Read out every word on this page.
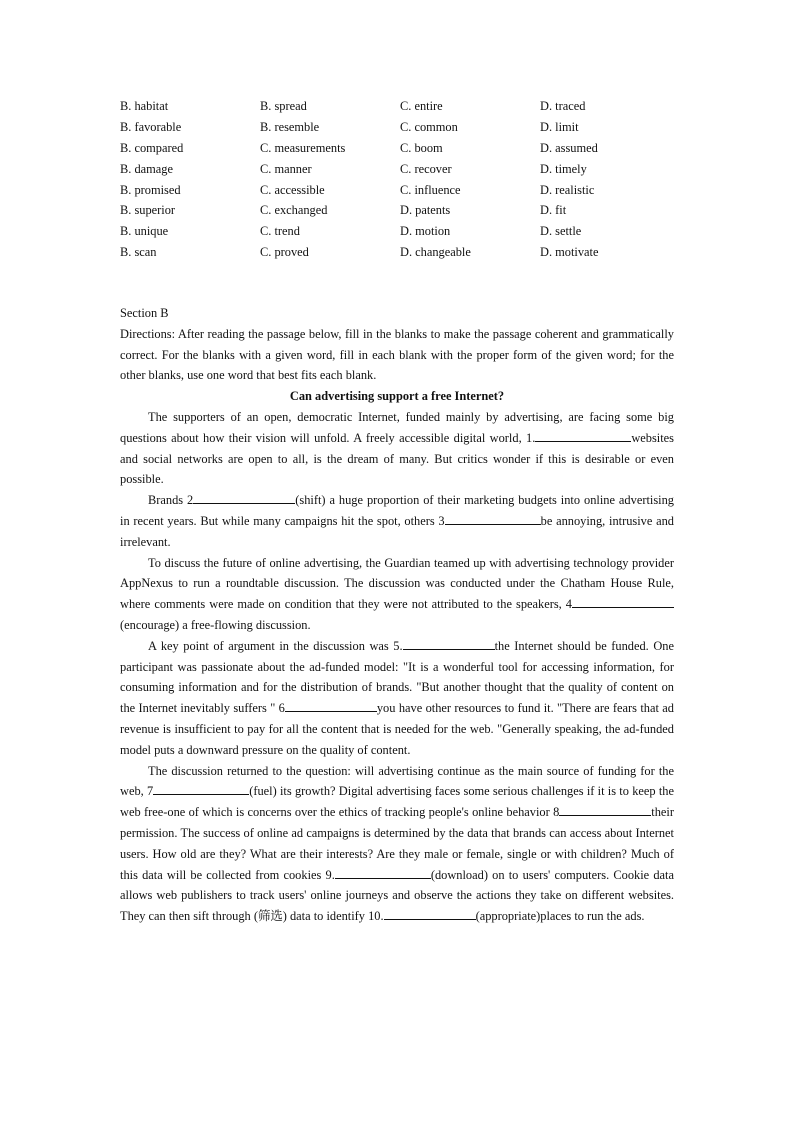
B. habitat	B. spread	C. entire	D. traced
B. favorable	B. resemble	C. common	D. limit
B. compared	C. measurements	C. boom	D. assumed
B. damage	C. manner	C. recover	D. timely
B. promised	C. accessible	C. influence	D. realistic
B. superior	C. exchanged	D. patents	D. fit
B. unique	C. trend	D. motion	D. settle
B. scan	C. proved	D. changeable	D. motivate

Section B

Directions: After reading the passage below, fill in the blanks to make the passage coherent and grammatically correct. For the blanks with a given word, fill in each blank with the proper form of the given word; for the other blanks, use one word that best fits each blank.

Can advertising support a free Internet?

The supporters of an open, democratic Internet, funded mainly by advertising, are facing some big questions about how their vision will unfold. A freely accessible digital world, 1.	websites and social networks are open to all, is the dream of many. But critics wonder if this is desirable or even possible.

Brands 2	(shift) a huge proportion of their marketing budgets into online advertising in recent years. But while many campaigns hit the spot, others 3	be annoying, intrusive and irrelevant.

To discuss the future of online advertising, the Guardian teamed up with advertising technology provider AppNexus to run a roundtable discussion. The discussion was conducted under the Chatham House Rule, where comments were made on condition that they were not attributed to the speakers, 4(encourage) a free-flowing discussion.

A key point of argument in the discussion was 5.	the Internet should be funded. One participant was passionate about the ad-funded model: "It is a wonderful tool for accessing information, for consuming information and for the distribution of brands. "But another thought that the quality of content on the Internet inevitably suffers " 6	you have other resources to fund it. "There are fears that ad revenue is insufficient to pay for all the content that is needed for the web. "Generally speaking, the ad-funded model puts a downward pressure on the quality of content.

The discussion returned to the question: will advertising continue as the main source of funding for the web, 7	(fuel) its growth? Digital advertising faces some serious challenges if it is to keep the web free-one of which is concerns over the ethics of tracking people's online behavior 8	their permission. The success of online ad campaigns is determined by the data that brands can access about Internet users. How old are they? What are their interests? Are they male or female, single or with children? Much of this data will be collected from cookies 9.	(download) on to users' computers. Cookie data allows web publishers to track users' online journeys and observe the actions they take on different websites. They can then sift through (筛选) data to identify 10.	(appropriate)places to run the ads.
